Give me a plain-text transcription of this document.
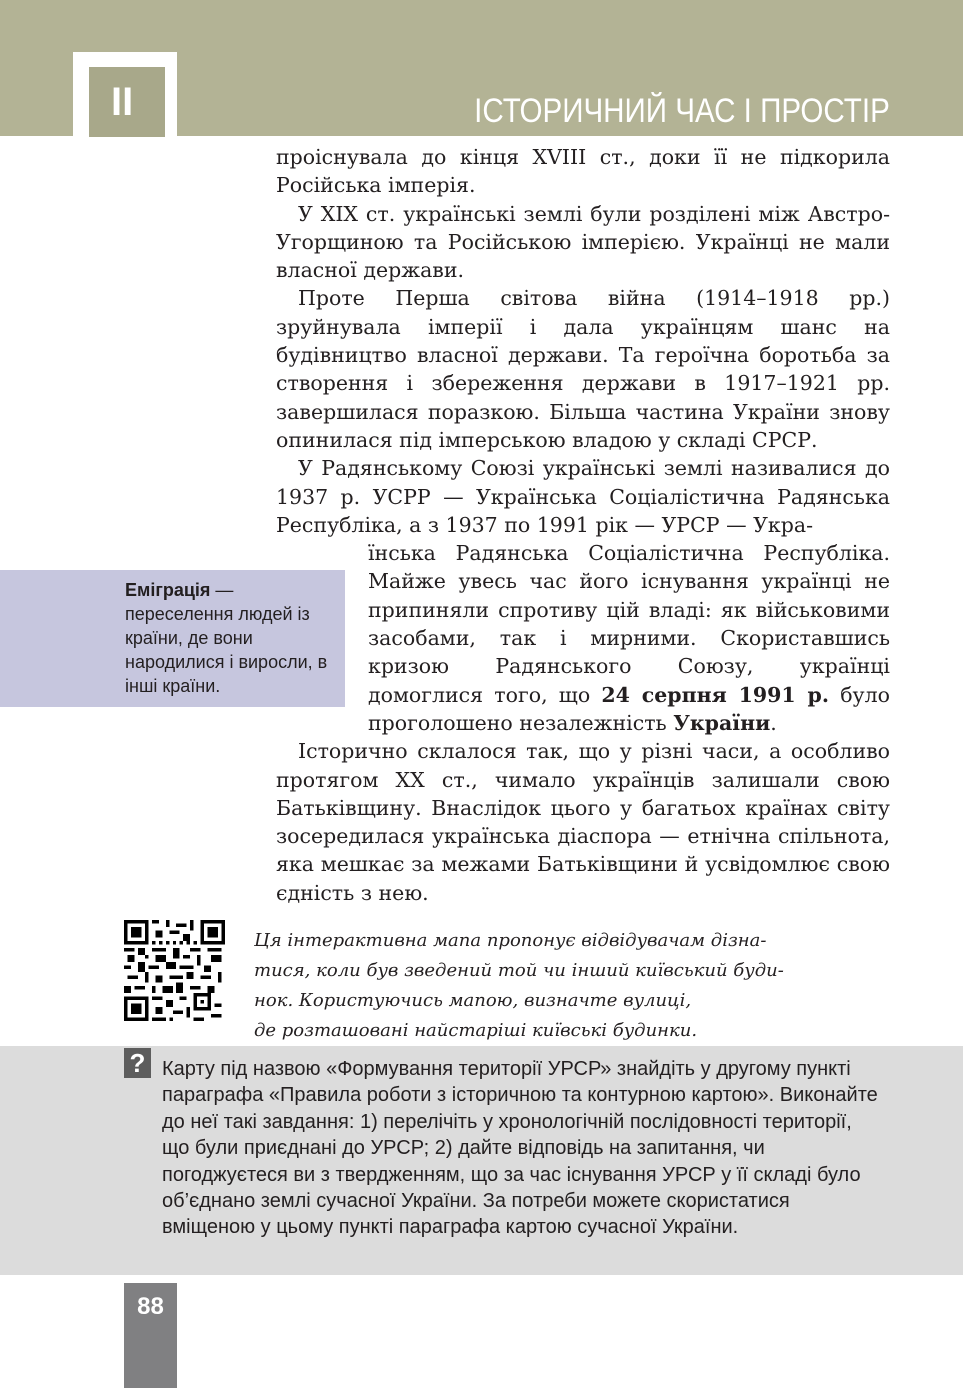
II	ІСТОРИЧНИЙ ЧАС І ПРОСТІР

проіснувала до кінця XVIII ст., доки її не підкорила Російська імперія.

У XIX ст. українські землі були розділені між Австро-Угорщиною та Російською імперією. Українці не мали власної держави.

Проте Перша світова війна (1914–1918 рр.) зруйнувала імперії і дала українцям шанс на будівництво власної держави. Та героїчна боротьба за створення і збереження держави в 1917–1921 рр. завершилася поразкою. Більша частина України знову опинилася під імперською владою у складі СРСР.

У Радянському Союзі українські землі називалися до 1937 р. УСРР — Українська Соціалістична Радянська Республіка, а з 1937 по 1991 рік — УРСР — Укра-

їнська Радянська Соціалістична Республіка. Майже увесь час його існування українці не припиняли спротиву цій владі: як військовими засобами, так і мирними. Скориставшись кризою Радянського Союзу, українці домоглися того, що 24 серпня 1991 р. було проголошено незалежність України.

Історично склалося так, що у різні часи, а особливо протягом XX ст., чимало українців залишали свою Батьківщину. Внаслідок цього у багатьох країнах світу зосередилася українська діаспора — етнічна спільнота, яка мешкає за межами Батьківщини й усвідомлює свою єдність з нею.

Еміграція — переселення людей із країни, де вони народилися і виросли, в інші країни.
Ця інтерактивна мапа пропонує відвідувачам дізна-
тися, коли був зведений той чи інший київський буди-
нок. Користуючись мапою, визначте вулиці,
де розташовані найстаріші київські будинки.
? Карту під назвою «Формування території УРСР» знайдіть у другому пункті параграфа «Правила роботи з історичною та контурною картою». Виконайте до неї такі завдання: 1) перелічіть у хронологічній послідовності території, що були приєднані до УРСР; 2) дайте відповідь на запитання, чи погоджуєтеся ви з твердженням, що за час існування УРСР у її складі було об’єднано землі сучасної України. За потреби можете скористатися вміщеною у цьому пункті параграфа картою сучасної України.
88
